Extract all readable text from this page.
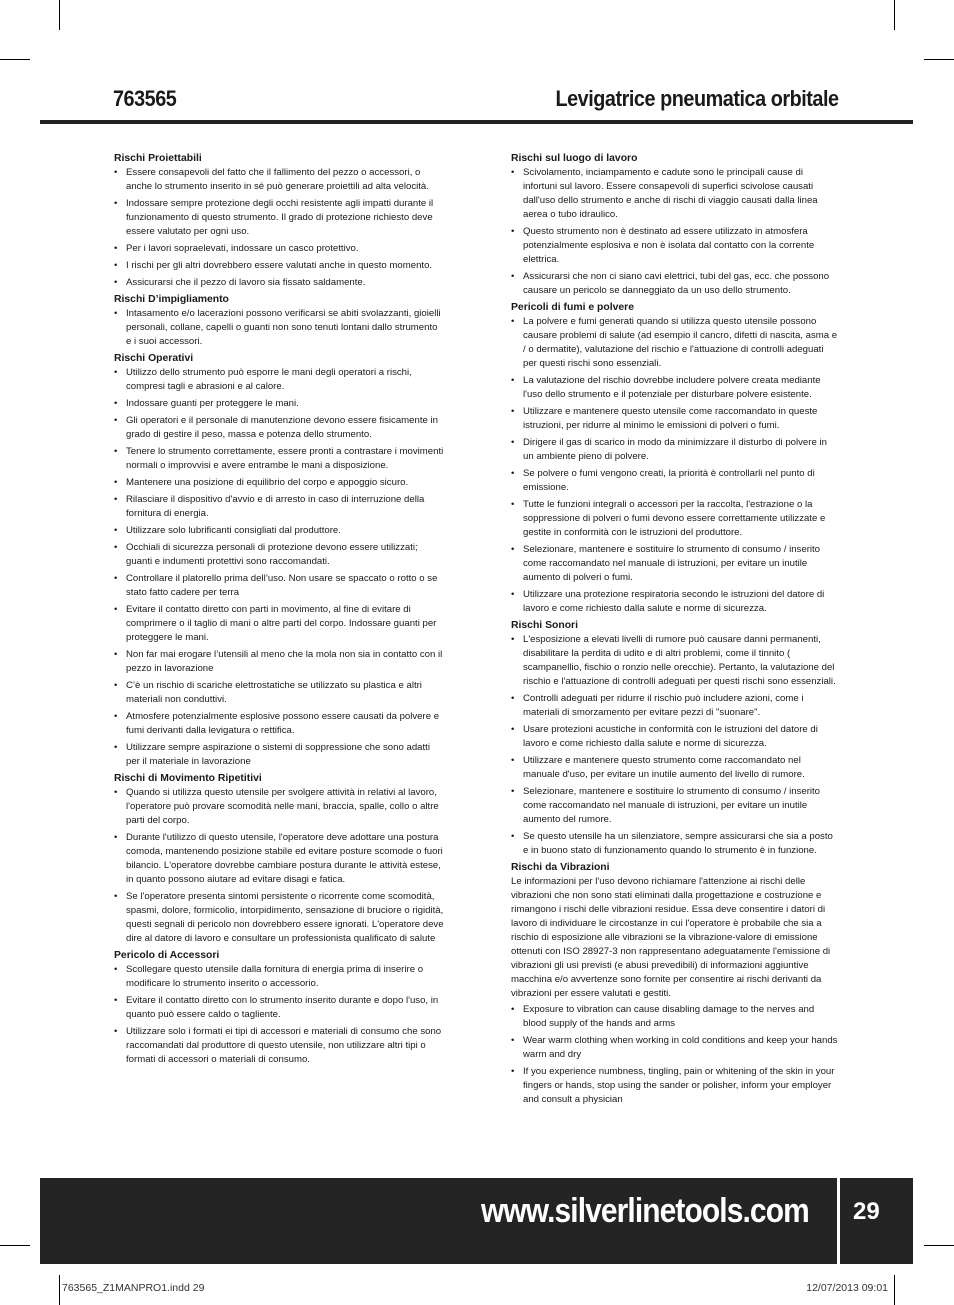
763565	Levigatrice pneumatica orbitale
Rischi Proiettabili
• Essere consapevoli del fatto che il fallimento del pezzo o accessori, o anche lo strumento inserito in sé può generare proiettili ad alta velocità.
• Indossare sempre protezione degli occhi resistente agli impatti durante il funzionamento di questo strumento. Il grado di protezione richiesto deve essere valutato per ogni uso.
• Per i lavori sopraelevati, indossare un casco protettivo.
• I rischi per gli altri dovrebbero essere valutati anche in questo momento.
• Assicurarsi che il pezzo di lavoro sia fissato saldamente.
Rischi D’impigliamento
• Intasamento e/o lacerazioni possono verificarsi se abiti svolazzanti, gioielli personali, collane, capelli o guanti non sono tenuti lontani dallo strumento e i suoi accessori.
Rischi Operativi
• Utilizzo dello strumento può esporre le mani degli operatori a rischi, compresi tagli e abrasioni e al calore.
• Indossare guanti per proteggere le mani.
• Gli operatori e il personale di manutenzione devono essere fisicamente in grado di gestire il peso, massa e potenza dello strumento.
• Tenere lo strumento correttamente, essere pronti a contrastare i movimenti normali o improvvisi e avere entrambe le mani a disposizione.
• Mantenere una posizione di equilibrio del corpo e appoggio sicuro.
• Rilasciare il dispositivo d'avvio e di arresto in caso di interruzione della fornitura di energia.
• Utilizzare solo lubrificanti consigliati dal produttore.
• Occhiali di sicurezza personali di protezione devono essere utilizzati; guanti e indumenti protettivi sono raccomandati.
• Controllare il platorello prima dell’uso. Non usare se spaccato o rotto o se stato fatto cadere per terra
• Evitare il contatto diretto con parti in movimento, al fine di evitare di comprimere o il taglio di mani o altre parti del corpo. Indossare guanti per proteggere le mani.
• Non far mai erogare l’utensili al meno che la mola non sia in contatto con il pezzo in lavorazione
• C’è un rischio di scariche elettrostatiche se utilizzato su plastica e altri materiali non conduttivi.
• Atmosfere potenzialmente esplosive possono essere causati da polvere e fumi derivanti dalla levigatura o rettifica.
• Utilizzare sempre aspirazione o sistemi di soppressione che sono adatti per il materiale in lavorazione
Rischi di Movimento Ripetitivi
• Quando si utilizza questo utensile per svolgere attività in relativi al lavoro, l'operatore può provare scomodità nelle mani, braccia, spalle, collo o altre parti del corpo.
• Durante l'utilizzo di questo utensile, l'operatore deve adottare una postura comoda, mantenendo posizione stabile ed evitare posture scomode o fuori bilancio. L'operatore dovrebbe cambiare postura durante le attività estese, in quanto possono aiutare ad evitare disagi e fatica.
• Se l'operatore presenta sintomi persistente o ricorrente come scomodità, spasmi, dolore, formicolio, intorpidimento, sensazione di bruciore o rigidità, questi segnali di pericolo non dovrebbero essere ignorati. L'operatore deve dire al datore di lavoro e consultare un professionista qualificato di salute
Pericolo di Accessori
• Scollegare questo utensile dalla fornitura di energia prima di inserire o modificare lo strumento inserito o accessorio.
• Evitare il contatto diretto con lo strumento inserito durante e dopo l'uso, in quanto può essere caldo o tagliente.
• Utilizzare solo i formati ei tipi di accessori e materiali di consumo che sono raccomandati dal produttore di questo utensile, non utilizzare altri tipi o formati di accessori o materiali di consumo.
Rischi sul luogo di lavoro
• Scivolamento, inciampamento e cadute sono le principali cause di infortuni sul lavoro. Essere consapevoli di superfici scivolose causati dall'uso dello strumento e anche di rischi di viaggio causati dalla linea aerea o tubo idraulico.
• Questo strumento non è destinato ad essere utilizzato in atmosfera potenzialmente esplosiva e non è isolata dal contatto con la corrente elettrica.
• Assicurarsi che non ci siano cavi elettrici, tubi del gas, ecc. che possono causare un pericolo se danneggiato da un uso dello strumento.
Pericoli di fumi e polvere
• La polvere e fumi generati quando si utilizza questo utensile possono causare problemi di salute (ad esempio il cancro, difetti di nascita, asma e / o dermatite), valutazione del rischio e l'attuazione di controlli adeguati per questi rischi sono essenziali.
• La valutazione del rischio dovrebbe includere polvere creata mediante l'uso dello strumento e il potenziale per disturbare polvere esistente.
• Utilizzare e mantenere questo utensile come raccomandato in queste istruzioni, per ridurre al minimo le emissioni di polveri o fumi.
• Dirigere il gas di scarico in modo da minimizzare il disturbo di polvere in un ambiente pieno di polvere.
• Se polvere o fumi vengono creati, la priorità è controllarli nel punto di emissione.
• Tutte le funzioni integrali o accessori per la raccolta, l'estrazione o la soppressione di polveri o fumi devono essere correttamente utilizzate e gestite in conformità con le istruzioni del produttore.
• Selezionare, mantenere e sostituire lo strumento di consumo / inserito come raccomandato nel manuale di istruzioni, per evitare un inutile aumento di polveri o fumi.
• Utilizzare una protezione respiratoria secondo le istruzioni del datore di lavoro e come richiesto dalla salute e norme di sicurezza.
Rischi Sonori
• L'esposizione a elevati livelli di rumore può causare danni permanenti, disabilitare la perdita di udito e di altri problemi, come il tinnito ( scampanellio, fischio o ronzio nelle orecchie). Pertanto, la valutazione del rischio e l'attuazione di controlli adeguati per questi rischi sono essenziali.
• Controlli adeguati per ridurre il rischio può includere azioni, come i materiali di smorzamento per evitare pezzi di "suonare".
• Usare protezioni acustiche in conformità con le istruzioni del datore di lavoro e come richiesto dalla salute e norme di sicurezza.
• Utilizzare e mantenere questo strumento come raccomandato nel manuale d'uso, per evitare un inutile aumento del livello di rumore.
• Selezionare, mantenere e sostituire lo strumento di consumo / inserito come raccomandato nel manuale di istruzioni, per evitare un inutile aumento del rumore.
• Se questo utensile ha un silenziatore, sempre assicurarsi che sia a posto e in buono stato di funzionamento quando lo strumento è in funzione.
Rischi da Vibrazioni

Le informazioni per l'uso devono richiamare l'attenzione ai rischi delle vibrazioni che non sono stati eliminati dalla progettazione e costruzione e rimangono i rischi delle vibrazioni residue. Essa deve consentire i datori di lavoro di individuare le circostanze in cui l'operatore è probabile che sia a rischio di esposizione alle vibrazioni se la vibrazione-valore di emissione ottenuti con ISO 28927-3 non rappresentano adeguatamente l'emissione di vibrazioni gli usi previsti (e abusi prevedibili) di informazioni aggiuntive macchina e/o avvertenze sono fornite per consentire ai rischi derivanti da vibrazioni per essere valutati e gestiti.

• Exposure to vibration can cause disabling damage to the nerves and blood supply of the hands and arms
• Wear warm clothing when working in cold conditions and keep your hands warm and dry
• If you experience numbness, tingling, pain or whitening of the skin in your fingers or hands, stop using the sander or polisher, inform your employer and consult a physician
www.silverlinetools.com 29
763565_Z1MANPRO1.indd 29	12/07/2013 09:01
